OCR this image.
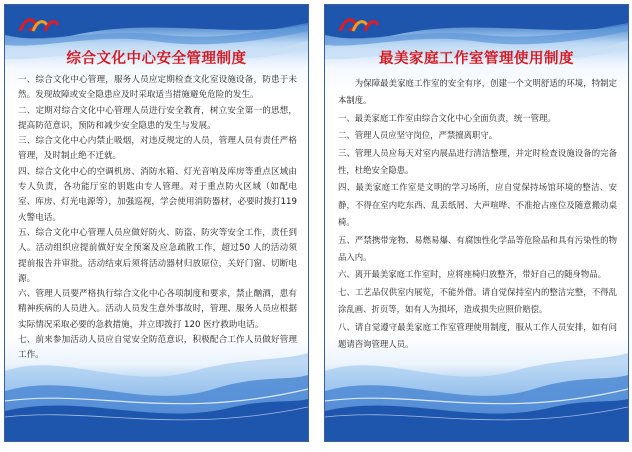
综合文化中心安全管理制度

一、综合文化中心管理，服务人员应定期检查文化室设施设备，防患于未然。发现故障或安全隐患应及时采取适当措施避免危险的发生。

二、定期对综合文化中心管理人员进行安全教育，树立安全第一的思想，提高防范意识，预防和减少安全隐患的发生与发展。

三、综合文化中心内禁止吸烟，对违反规定的人员，管理人员有责任严格管理，及时制止绝不迁就。

四、综合文化中心的空调机房、消防水箱、灯光音响及库房等重点区域由专人负责，各功能厅室的钥匙由专人管理。对于重点防火区域（如配电室、库房、灯光电源等），加强巡视，学会使用消防器材，必要时拨打119 火警电话。

五、综合文化中心管理人员应做好防火、防盗、防灾等安全工作，责任到人。活动组织应提前做好安全预案及应急疏散工作，超过50 人的活动须提前报告并审批。活动结束后须将活动器材归放原位，关好门窗、切断电源。

六、管理人员要严格执行综合文化中心各项制度和要求，禁止酗酒，患有精神疾病的人员进入。活动人员发生意外事故时，管理、服务人员应根据实际情况采取必要的急救措施，并立即拨打 120 医疗救助电话。

七、前来参加活动人员应自觉安全防范意识，积极配合工作人员做好管理工作。

最美家庭工作室管理使用制度

为保障最美家庭工作室的安全有序，创建一个文明舒适的环境，特制定本制度。

一、最美家庭工作室由综合文化中心全面负责，统一管理。

二、管理人员应坚守岗位，严禁擅离职守。

三、管理人员应每天对室内展品进行清洁整理，并定时检查设施设备的完备性，杜绝安全隐患。

四、最美家庭工作室是文明的学习场所，应自觉保持场馆环境的整洁、安静，不得在室内吃东西、乱丢纸屑、大声喧哗、不准抢占座位及随意搬动桌椅。

五、严禁携带宠物、易燃易爆、有腐蚀性化学品等危险品和具有污染性的物品入内。

六、离开最美家庭工作室时，应将座椅归放整齐，带好自己的随身物品。

七、工艺品仅供室内展览，不能外借。请自觉保持室内的整洁完整，不得乱涂乱画、折页等，如有人为损坏，造成损失应照价赔偿。

八、请自觉遵守最美家庭工作室管理使用制度，服从工作人员安排，如有问题请咨询管理人员。
